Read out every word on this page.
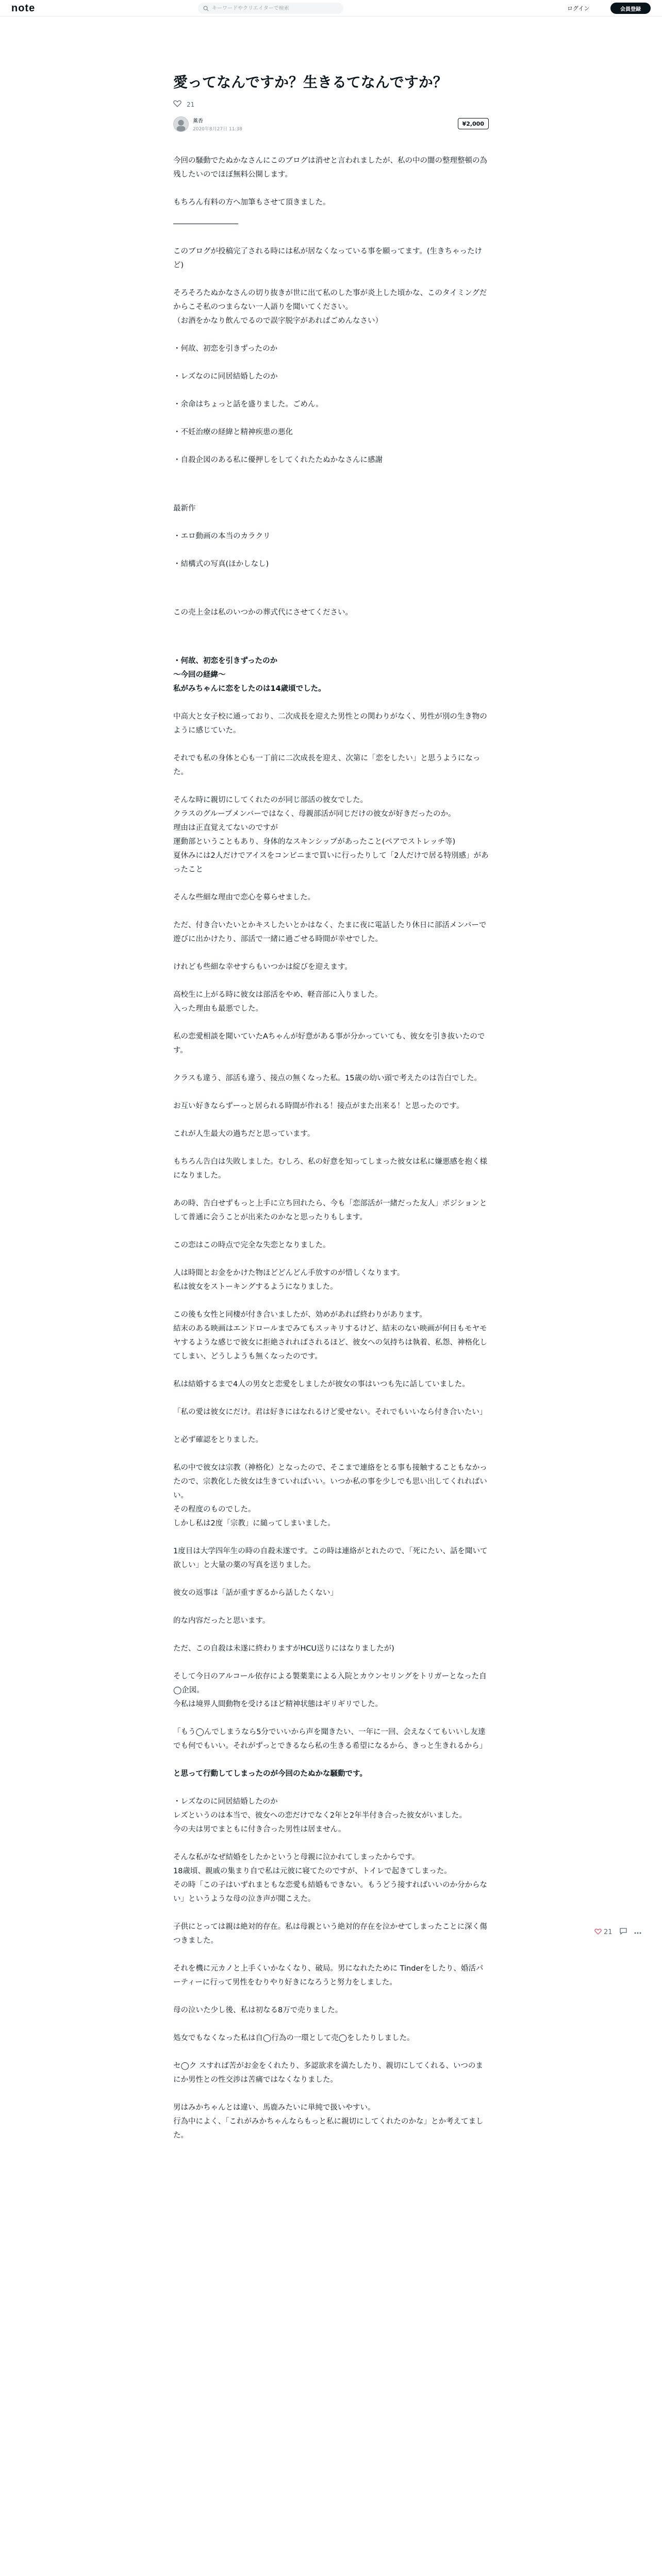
note
キーワードやクリエイターで検索	ログイン	会員登録
愛ってなんですか？生きるてなんですか？
21
薫香
2020年8月27日 11:38
¥2,000

今回の騒動でたぬかなさんにこのブログは消せと言われましたが、私の中の闇の整理整頓の為残したいのでほぼ無料公開します。

もちろん有料の方へ加筆もさせて頂きました。

このブログが投稿完了される時には私が居なくなっている事を願ってます。(生きちゃったけど)

そろそろたぬかなさんの切り抜きが世に出て私のした事が炎上した頃かな、このタイミングだからこそ私のつまらない一人語りを聞いてください。
（お酒をかなり飲んでるので誤字脱字があればごめんなさい）

・何故、初恋を引きずったのか

・レズなのに同居結婚したのか

・余命はちょっと話を盛りました。ごめん。

・不妊治療の経緯と精神疾患の悪化

・自殺企図のある私に優押しをしてくれたたぬかなさんに感謝

最新作

・エロ動画の本当のカラクリ

・結構式の写真(ほかしなし)

この売上金は私のいつかの葬式代にさせてください。

・何故、初恋を引きずったのか
〜今回の経緯〜
私がみちゃんに恋をしたのは14歳頃でした。

中高大と女子校に通っており、二次成長を迎えた男性との関わりがなく、男性が別の生き物のように感じていた。

それでも私の身体と心も一丁前に二次成長を迎え、次第に「恋をしたい」と思うようになった。

そんな時に親切にしてくれたのが同じ部活の彼女でした。
クラスのグループメンバーではなく、母親部活が同じだけの彼女が好きだったのか。
理由は正直覚えてないのですが
運動部ということもあり、身体的なスキンシップがあったこと(ペアでストレッチ等)
夏休みには2人だけでアイスをコンビニまで買いに行ったりして「2人だけで居る特別感」があったこと

そんな些細な理由で恋心を募らせました。

ただ、付き合いたいとかキスしたいとかはなく、たまに夜に電話したり休日に部活メンバーで遊びに出かけたり、部活で一緒に過ごせる時間が幸せでした。

けれども些細な幸せすらもいつかは綻びを迎えます。

高校生に上がる時に彼女は部活をやめ、軽音部に入りました。
入った理由も最悪でした。

私の恋愛相談を聞いていたAちゃんが好意がある事が分かっていても、彼女を引き抜いたのです。

クラスも違う、部活も違う、接点の無くなった私。15歳の幼い頭で考えたのは告白でした。

お互い好きならずーっと居られる時間が作れる！接点がまた出来る！と思ったのです。

これが人生最大の過ちだと思っています。

もちろん告白は失敗しました。むしろ、私の好意を知ってしまった彼女は私に嫌悪感を抱く様になりました。

あの時、告白せずもっと上手に立ち回れたら、今も「恋部活が一緒だった友人」ポジションとして普通に会うことが出来たのかなと思ったりもします。

この恋はこの時点で完全な失恋となりました。

人は時間とお金をかけた物ほどどんどん手放すのが惜しくなります。
私は彼女をストーキングするようになりました。

この後も女性と同棲が付き合いましたが、効めがあれば終わりがあります。
結末のある映画はエンドロールまでみてもスッキリするけど、結末のない映画が何日もモヤモヤするような感じで彼女に拒絶されればされるほど、彼女への気持ちは執着、私怨、神格化してしまい、どうしようも無くなったのです。

私は結婚するまで4人の男女と恋愛をしましたが彼女の事はいつも先に話していました。

「私の愛は彼女にだけ。君は好きにはなれるけど愛せない。それでもいいなら付き合いたい」

と必ず確認をとりました。

私の中で彼女は宗教（神格化）となったので、そこまで連絡をとる事も接触することもなかったので、宗教化した彼女は生きていればいい。いつか私の事を少しでも思い出してくれればいい。
その程度のものでした。
しかし私は2度「宗教」に縋ってしまいました。

1度目は大学四年生の時の自殺未遂です。この時は連絡がとれたので、「死にたい、話を聞いて欲しい」と大量の薬の写真を送りました。

彼女の返事は「話が重すぎるから話したくない」

的な内容だったと思います。

ただ、この自殺は未遂に終わりますがHCU送りにはなりましたが)

そして今日のアルコール依存による製薬業による入院とカウンセリングをトリガーとなった自◯企図。
今私は境界人間動物を受けるほど精神状態はギリギリでした。

「もう◯んでしまうなら5分でいいから声を聞きたい、一年に一回、会えなくてもいいし友達でも何でもいい。それがずっとできるなら私の生きる希望になるから、きっと生きれるから」

と思って行動してしまったのが今回のたぬかな騒動です。

・レズなのに同居結婚したのか
レズというのは本当で、彼女への恋だけでなく2年と2年半付き合った彼女がいました。
今の夫は男でまともに付き合った男性は居ません。

そんな私がなぜ結婚をしたかというと母親に泣かれてしまったからです。
18歳頃、親戚の集まり自で私は元彼に寝てたのですが、トイレで起きてしまった。
その時「この子はいずれまともな恋愛も結婚もできない。もうどう接すればいいのか分からない」というような母の泣き声が聞こえた。

子供にとっては親は絶対的存在。私は母親という絶対的存在を泣かせてしまったことに深く傷つきました。

それを機に元カノと上手くいかなくなり、破局。男になれたために Tinderをしたり、婚活パーティーに行って男性をむりやり好きになろうと努力をしました。

母の泣いた少し後、私は初なる8万で売りました。

処女でもなくなった私は自◯行為の一環として売◯をしたりしました。

セ◯ク スすれば苦がお金をくれたり、多認欲求を満たしたり、親切にしてくれる、いつのまにか男性との性交渉は苦痛ではなくなりました。

男はみかちゃんとは違い、馬鹿みたいに単純で扱いやすい。
行為中によく、「これがみかちゃんならもっと私に親切にしてくれたのかな」とか考えてました。

21
